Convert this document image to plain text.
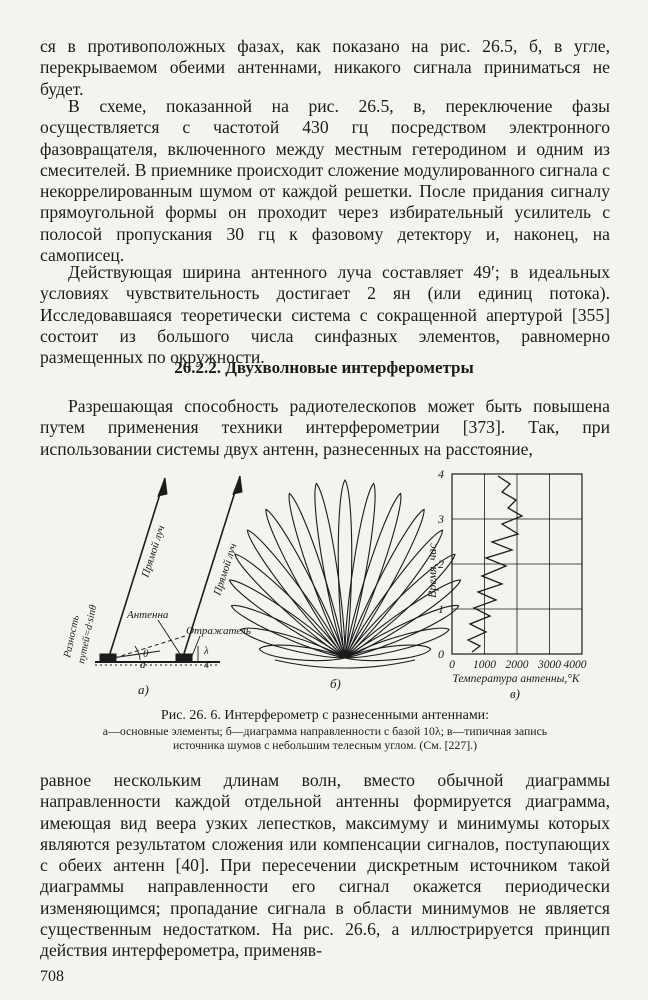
ся в противоположных фазах, как показано на рис. 26.5, б, в угле, перекрываемом обеими антеннами, никакого сигнала приниматься не будет.

В схеме, показанной на рис. 26.5, в, переключение фазы осуществляется с частотой 430 гц посредством электронного фазовращателя, включенного между местным гетеродином и одним из смесителей. В приемнике происходит сложение модулированного сигнала с некоррелированным шумом от каждой решетки. После придания сигналу прямоугольной формы он проходит через избирательный усилитель с полосой пропускания 30 гц к фазовому детектору и, наконец, на самописец.

Действующая ширина антенного луча составляет 49′; в идеальных условиях чувствительность достигает 2 ян (или единиц потока). Исследовавшаяся теоретически система с сокращенной апертурой [355] состоит из большого числа синфазных элементов, равномерно размещенных по окружности.

26.2.2. Двухволновые интерферометры

Разрешающая способность радиотелескопов может быть повышена путем применения техники интерферометрии [373]. Так, при использовании системы двух антенн, разнесенных на расстояние,

Прямой луч	Прямой луч
Разность
путей=d·sinθ	Антенна
Отражатель
θ
d
λ
4
а)	б)
0
1
2
3
4
Время, час
0 1000 2000 3000 4000
Температура антенны,°К
в)
Рис. 26. 6. Интерферометр с разнесенными антеннами:
а—основные элементы; б—диаграмма направленности с базой 10λ; в—типичная запись
источника шумов с небольшим телесным углом. (См. [227].)

равное нескольким длинам волн, вместо обычной диаграммы направленности каждой отдельной антенны формируется диаграмма, имеющая вид веера узких лепестков, максимуму и минимумы которых являются результатом сложения или компенсации сигналов, поступающих с обеих антенн [40]. При пересечении дискретным источником такой диаграммы направленности его сигнал окажется периодически изменяющимся; пропадание сигнала в области минимумов не является существенным недостатком. На рис. 26.6, а иллюстрируется принцип действия интерферометра, применяв-

708
